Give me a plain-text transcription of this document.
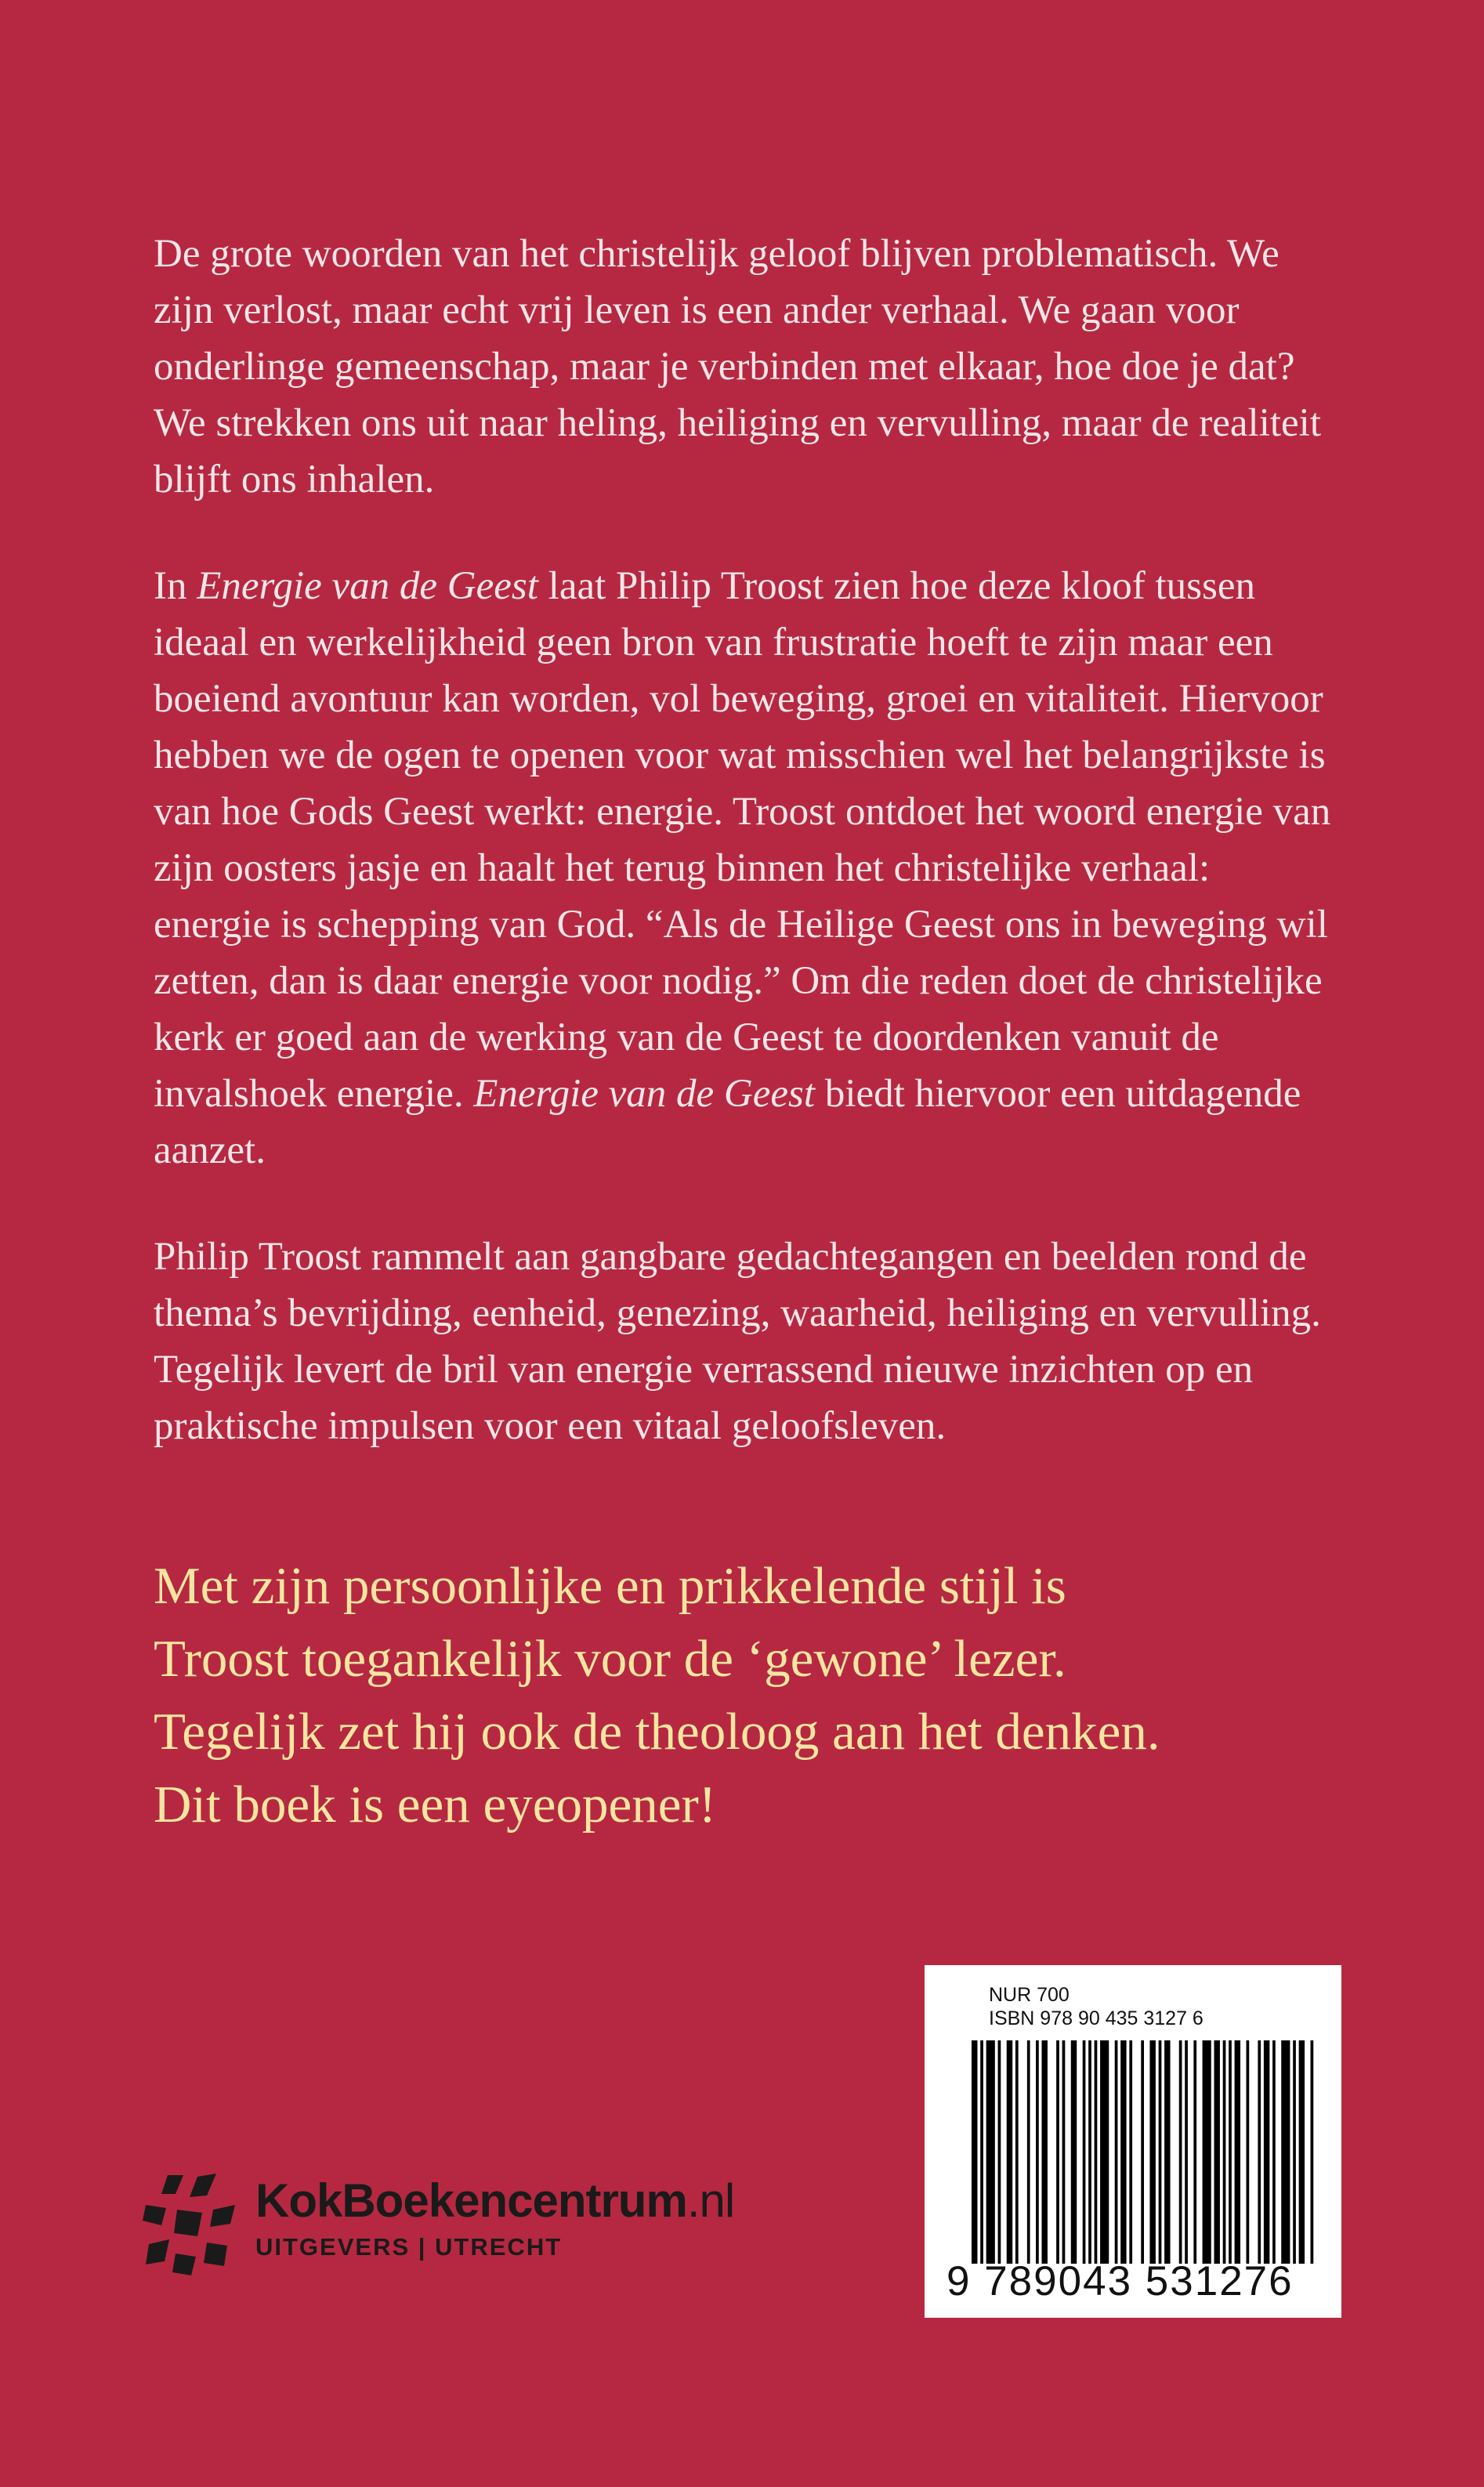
De grote woorden van het christelijk geloof blijven problematisch. We zijn verlost, maar echt vrij leven is een ander verhaal. We gaan voor onderlinge gemeenschap, maar je verbinden met elkaar, hoe doe je dat? We strekken ons uit naar heling, heiliging en vervulling, maar de realiteit blijft ons inhalen.

In Energie van de Geest laat Philip Troost zien hoe deze kloof tussen ideaal en werkelijkheid geen bron van frustratie hoeft te zijn maar een boeiend avontuur kan worden, vol beweging, groei en vitaliteit. Hiervoor hebben we de ogen te openen voor wat misschien wel het belangrijkste is van hoe Gods Geest werkt: energie. Troost ontdoet het woord energie van zijn oosters jasje en haalt het terug binnen het christelijke verhaal: energie is schepping van God. “Als de Heilige Geest ons in beweging wil zetten, dan is daar energie voor nodig.” Om die reden doet de christelijke kerk er goed aan de werking van de Geest te doordenken vanuit de invalshoek energie. Energie van de Geest biedt hiervoor een uitdagende aanzet.

Philip Troost rammelt aan gangbare gedachtegangen en beelden rond de thema’s bevrijding, eenheid, genezing, waarheid, heiliging en vervulling. Tegelijk levert de bril van energie verrassend nieuwe inzichten op en praktische impulsen voor een vitaal geloofsleven.

Met zijn persoonlijke en prikkelende stijl is
Troost toegankelijk voor de ‘gewone’ lezer.
Tegelijk zet hij ook de theoloog aan het denken.
Dit boek is een eyeopener!
KokBoekencentrum.nl
UITGEVERS | UTRECHT
NUR 700
ISBN 978 90 435 3127 6
9 789043 531276
